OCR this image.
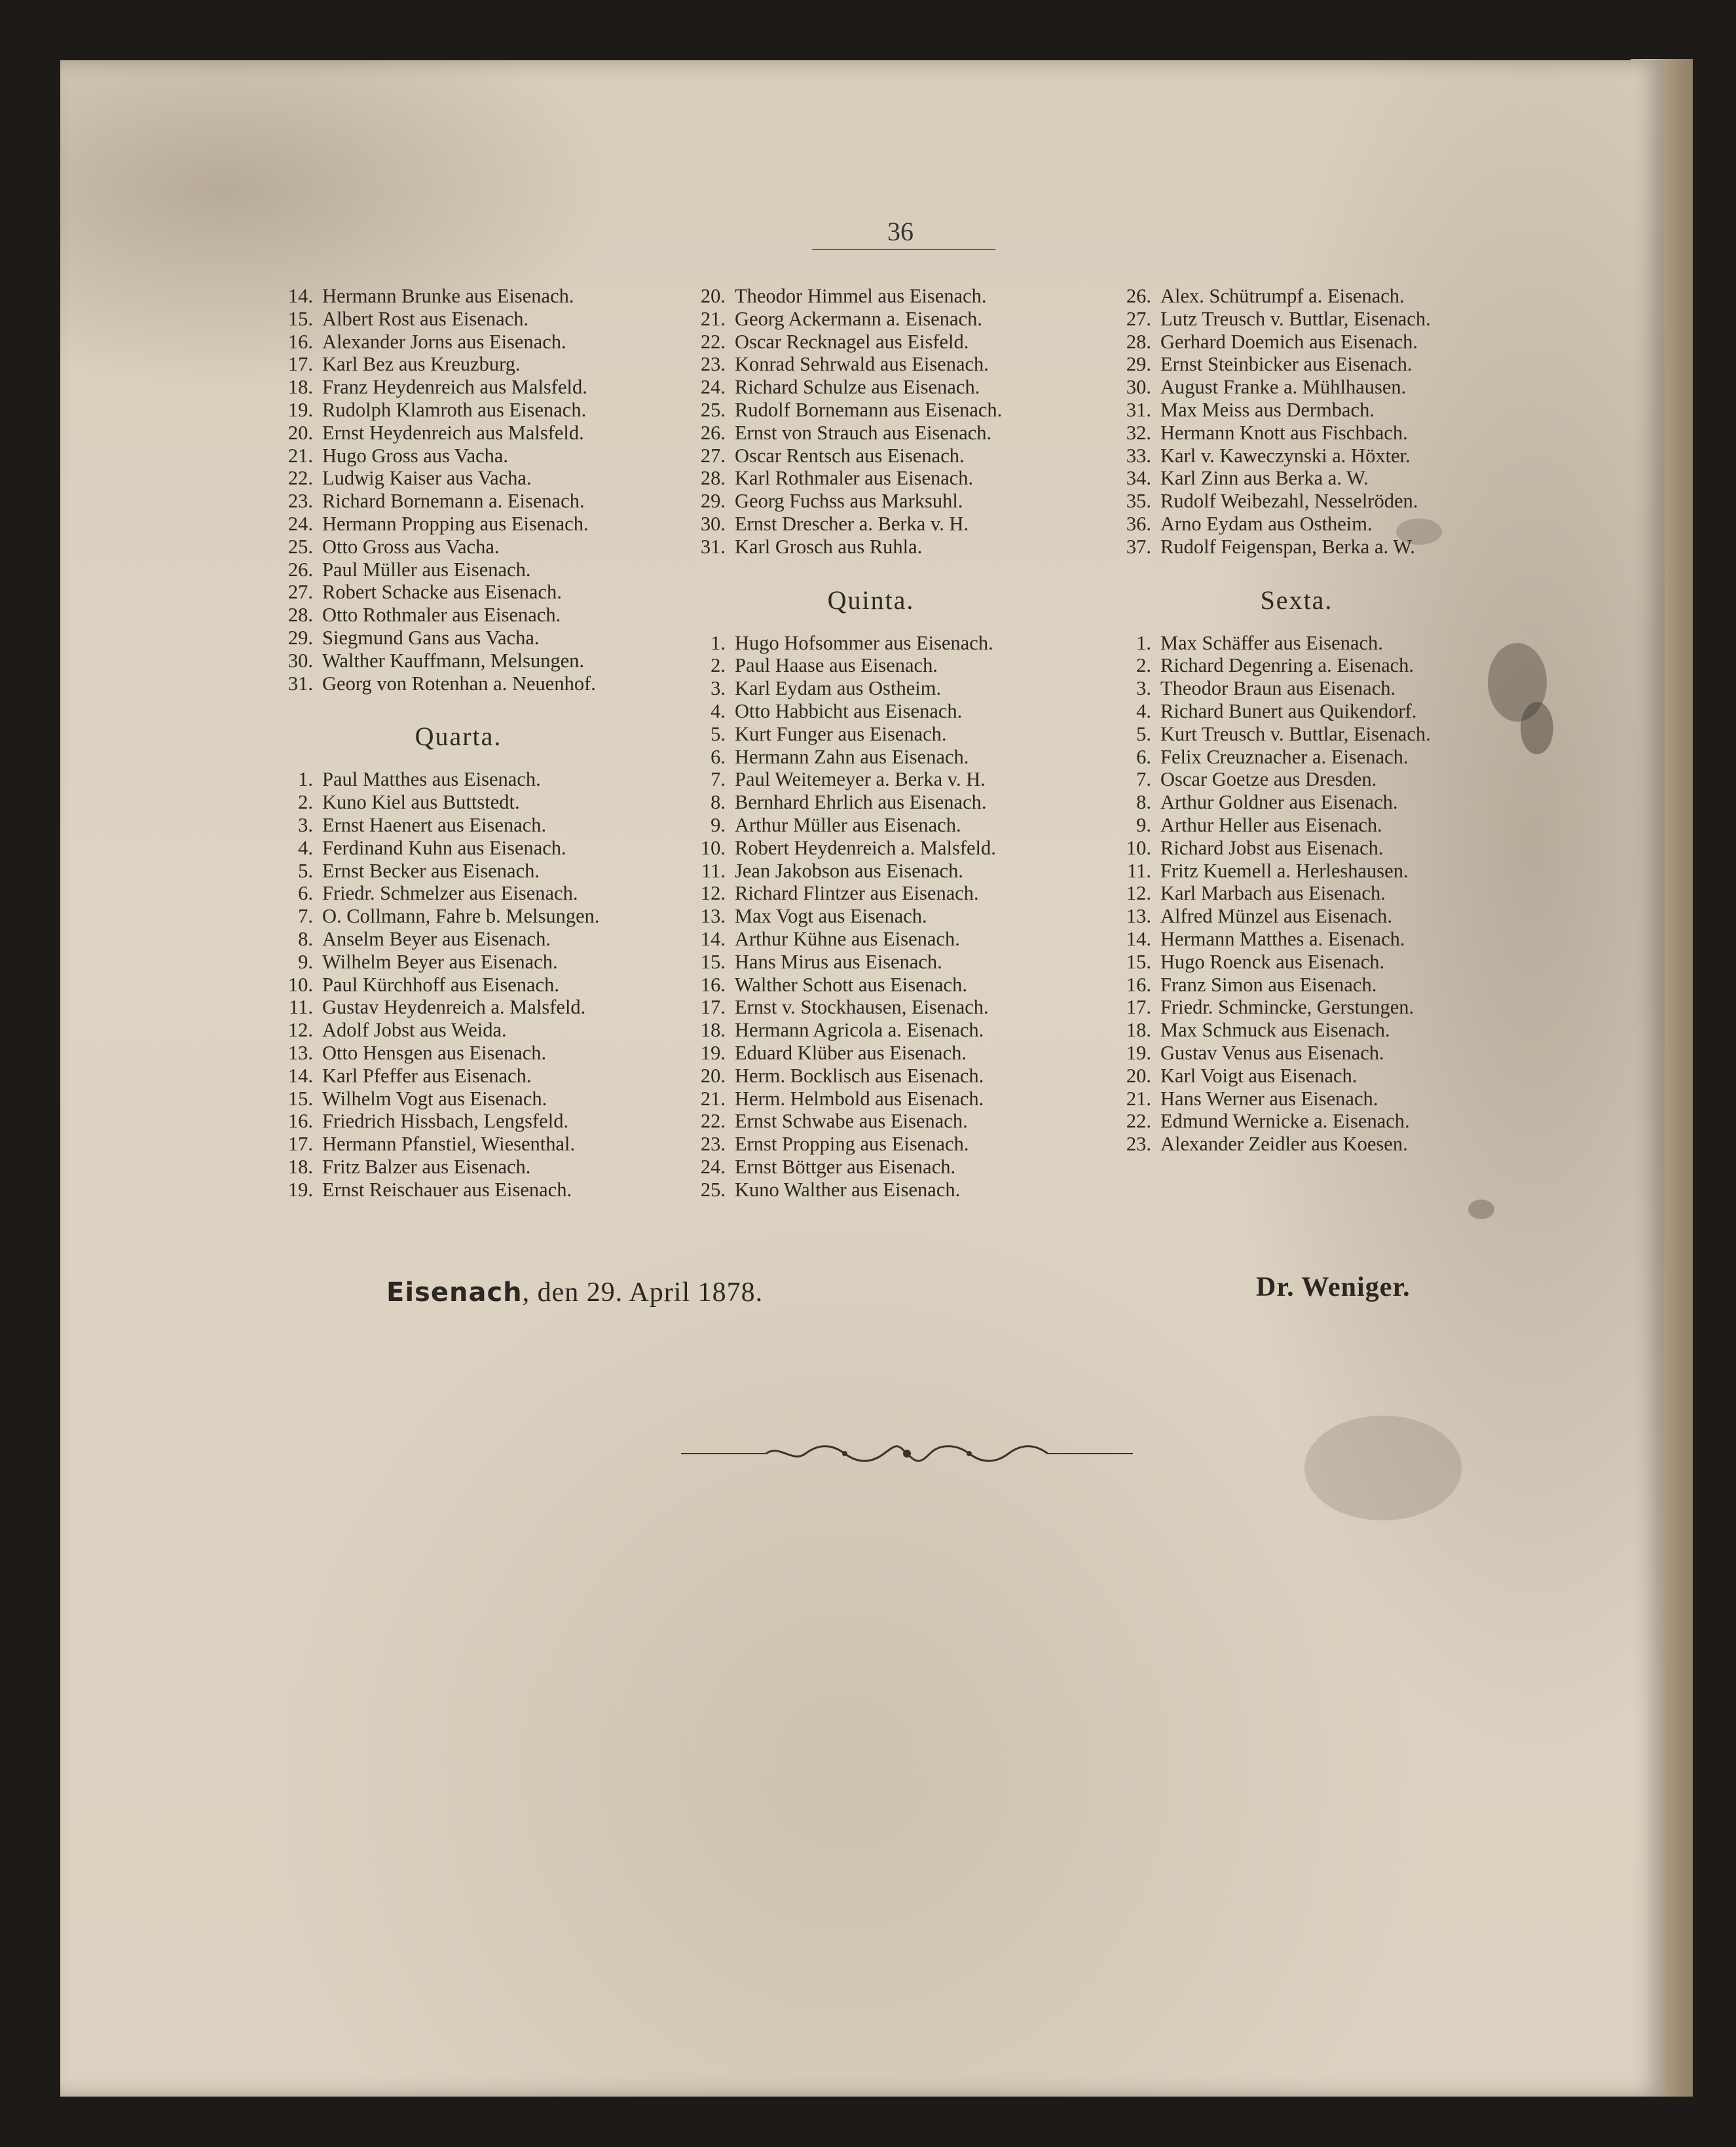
36
14. Hermann Brunke aus Eisenach.
15. Albert Rost aus Eisenach.
16. Alexander Jorns aus Eisenach.
17. Karl Bez aus Kreuzburg.
18. Franz Heydenreich aus Malsfeld.
19. Rudolph Klamroth aus Eisenach.
20. Ernst Heydenreich aus Malsfeld.
21. Hugo Gross aus Vacha.
22. Ludwig Kaiser aus Vacha.
23. Richard Bornemann a. Eisenach.
24. Hermann Propping aus Eisenach.
25. Otto Gross aus Vacha.
26. Paul Müller aus Eisenach.
27. Robert Schacke aus Eisenach.
28. Otto Rothmaler aus Eisenach.
29. Siegmund Gans aus Vacha.
30. Walther Kauffmann, Melsungen.
31. Georg von Rotenhan a. Neuenhof.
Quarta.
1. Paul Matthes aus Eisenach.
2. Kuno Kiel aus Buttstedt.
3. Ernst Haenert aus Eisenach.
4. Ferdinand Kuhn aus Eisenach.
5. Ernst Becker aus Eisenach.
6. Friedr. Schmelzer aus Eisenach.
7. O. Collmann, Fahre b. Melsungen.
8. Anselm Beyer aus Eisenach.
9. Wilhelm Beyer aus Eisenach.
10. Paul Kürchhoff aus Eisenach.
11. Gustav Heydenreich a. Malsfeld.
12. Adolf Jobst aus Weida.
13. Otto Hensgen aus Eisenach.
14. Karl Pfeffer aus Eisenach.
15. Wilhelm Vogt aus Eisenach.
16. Friedrich Hissbach, Lengsfeld.
17. Hermann Pfanstiel, Wiesenthal.
18. Fritz Balzer aus Eisenach.
19. Ernst Reischauer aus Eisenach.
20. Theodor Himmel aus Eisenach.
21. Georg Ackermann a. Eisenach.
22. Oscar Recknagel aus Eisfeld.
23. Konrad Sehrwald aus Eisenach.
24. Richard Schulze aus Eisenach.
25. Rudolf Bornemann aus Eisenach.
26. Ernst von Strauch aus Eisenach.
27. Oscar Rentsch aus Eisenach.
28. Karl Rothmaler aus Eisenach.
29. Georg Fuchss aus Marksuhl.
30. Ernst Drescher a. Berka v. H.
31. Karl Grosch aus Ruhla.
Quinta.
1. Hugo Hofsommer aus Eisenach.
2. Paul Haase aus Eisenach.
3. Karl Eydam aus Ostheim.
4. Otto Habbicht aus Eisenach.
5. Kurt Funger aus Eisenach.
6. Hermann Zahn aus Eisenach.
7. Paul Weitemeyer a. Berka v. H.
8. Bernhard Ehrlich aus Eisenach.
9. Arthur Müller aus Eisenach.
10. Robert Heydenreich a. Malsfeld.
11. Jean Jakobson aus Eisenach.
12. Richard Flintzer aus Eisenach.
13. Max Vogt aus Eisenach.
14. Arthur Kühne aus Eisenach.
15. Hans Mirus aus Eisenach.
16. Walther Schott aus Eisenach.
17. Ernst v. Stockhausen, Eisenach.
18. Hermann Agricola a. Eisenach.
19. Eduard Klüber aus Eisenach.
20. Herm. Bocklisch aus Eisenach.
21. Herm. Helmbold aus Eisenach.
22. Ernst Schwabe aus Eisenach.
23. Ernst Propping aus Eisenach.
24. Ernst Böttger aus Eisenach.
25. Kuno Walther aus Eisenach.
26. Alex. Schütrumpf a. Eisenach.
27. Lutz Treusch v. Buttlar, Eisenach.
28. Gerhard Doemich aus Eisenach.
29. Ernst Steinbicker aus Eisenach.
30. August Franke a. Mühlhausen.
31. Max Meiss aus Dermbach.
32. Hermann Knott aus Fischbach.
33. Karl v. Kaweczynski a. Höxter.
34. Karl Zinn aus Berka a. W.
35. Rudolf Weibezahl, Nesselröden.
36. Arno Eydam aus Ostheim.
37. Rudolf Feigenspan, Berka a. W.
Sexta.
1. Max Schäffer aus Eisenach.
2. Richard Degenring a. Eisenach.
3. Theodor Braun aus Eisenach.
4. Richard Bunert aus Quikendorf.
5. Kurt Treusch v. Buttlar, Eisenach.
6. Felix Creuznacher a. Eisenach.
7. Oscar Goetze aus Dresden.
8. Arthur Goldner aus Eisenach.
9. Arthur Heller aus Eisenach.
10. Richard Jobst aus Eisenach.
11. Fritz Kuemell a. Herleshausen.
12. Karl Marbach aus Eisenach.
13. Alfred Münzel aus Eisenach.
14. Hermann Matthes a. Eisenach.
15. Hugo Roenck aus Eisenach.
16. Franz Simon aus Eisenach.
17. Friedr. Schmincke, Gerstungen.
18. Max Schmuck aus Eisenach.
19. Gustav Venus aus Eisenach.
20. Karl Voigt aus Eisenach.
21. Hans Werner aus Eisenach.
22. Edmund Wernicke a. Eisenach.
23. Alexander Zeidler aus Koesen.
Eisenach, den 29. April 1878.	Dr. Weniger.
